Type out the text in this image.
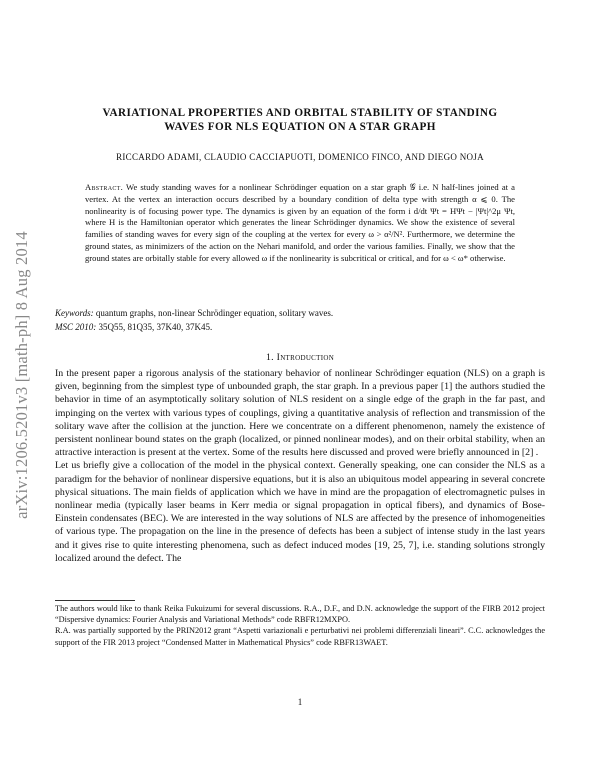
arXiv:1206.5201v3 [math-ph] 8 Aug 2014
VARIATIONAL PROPERTIES AND ORBITAL STABILITY OF STANDING
WAVES FOR NLS EQUATION ON A STAR GRAPH
RICCARDO ADAMI, CLAUDIO CACCIAPUOTI, DOMENICO FINCO, AND DIEGO NOJA
Abstract. We study standing waves for a nonlinear Schrödinger equation on a star graph 𝒢 i.e. N half-lines joined at a vertex. At the vertex an interaction occurs described by a boundary condition of delta type with strength α ⩽ 0. The nonlinearity is of focusing power type. The dynamics is given by an equation of the form i d/dt Ψt = HΨt − |Ψt|^2μ Ψt, where H is the Hamiltonian operator which generates the linear Schrödinger dynamics. We show the existence of several families of standing waves for every sign of the coupling at the vertex for every ω > α²/N². Furthermore, we determine the ground states, as minimizers of the action on the Nehari manifold, and order the various families. Finally, we show that the ground states are orbitally stable for every allowed ω if the nonlinearity is subcritical or critical, and for ω < ω* otherwise.
Keywords: quantum graphs, non-linear Schrödinger equation, solitary waves.
MSC 2010: 35Q55, 81Q35, 37K40, 37K45.
1. Introduction

In the present paper a rigorous analysis of the stationary behavior of nonlinear Schrödinger equation (NLS) on a graph is given, beginning from the simplest type of unbounded graph, the star graph. In a previous paper [1] the authors studied the behavior in time of an asymptotically solitary solution of NLS resident on a single edge of the graph in the far past, and impinging on the vertex with various types of couplings, giving a quantitative analysis of reflection and transmission of the solitary wave after the collision at the junction. Here we concentrate on a different phenomenon, namely the existence of persistent nonlinear bound states on the graph (localized, or pinned nonlinear modes), and on their orbital stability, when an attractive interaction is present at the vertex. Some of the results here discussed and proved were briefly announced in [2] .

Let us briefly give a collocation of the model in the physical context. Generally speaking, one can consider the NLS as a paradigm for the behavior of nonlinear dispersive equations, but it is also an ubiquitous model appearing in several concrete physical situations. The main fields of application which we have in mind are the propagation of electromagnetic pulses in nonlinear media (typically laser beams in Kerr media or signal propagation in optical fibers), and dynamics of Bose-Einstein condensates (BEC). We are interested in the way solutions of NLS are affected by the presence of inhomogeneities of various type. The propagation on the line in the presence of defects has been a subject of intense study in the last years and it gives rise to quite interesting phenomena, such as defect induced modes [19, 25, 7], i.e. standing solutions strongly localized around the defect. The

The authors would like to thank Reika Fukuizumi for several discussions. R.A., D.F., and D.N. acknowledge the support of the FIRB 2012 project “Dispersive dynamics: Fourier Analysis and Variational Methods” code RBFR12MXPO.
R.A. was partially supported by the PRIN2012 grant “Aspetti variazionali e perturbativi nei problemi differenziali lineari”. C.C. acknowledges the support of the FIR 2013 project “Condensed Matter in Mathematical Physics” code RBFR13WAET.
1
